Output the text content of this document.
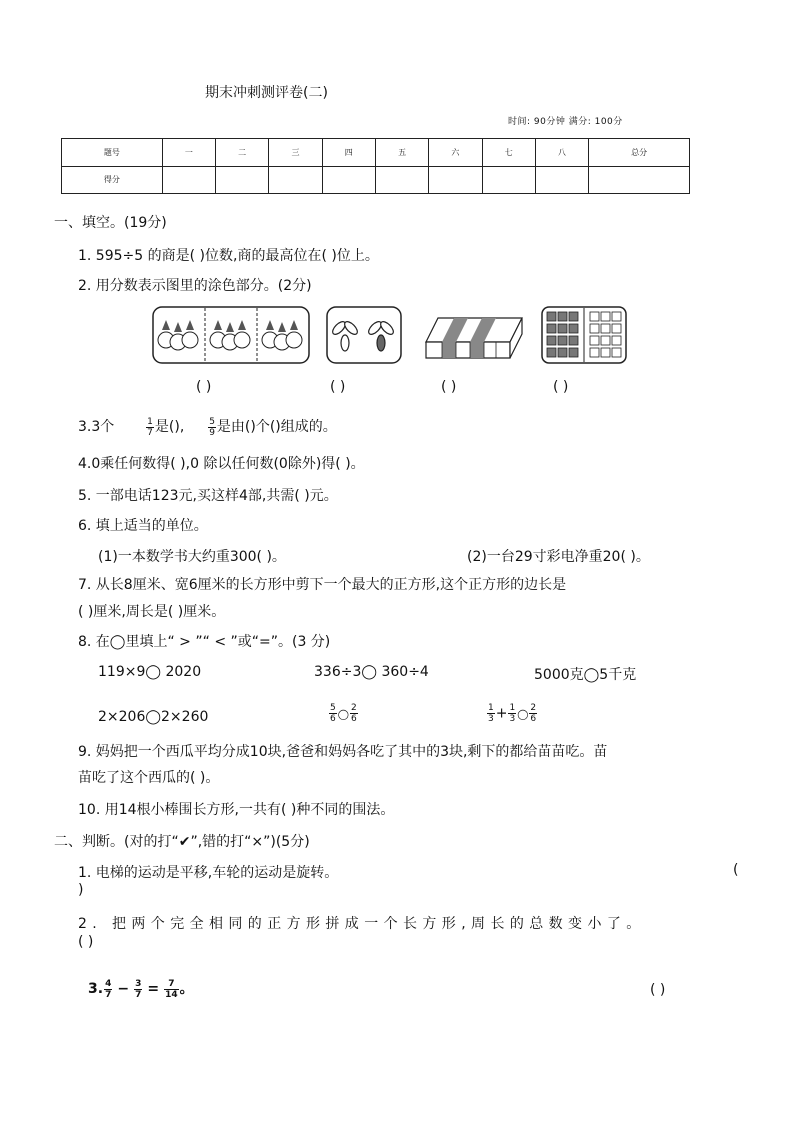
期末冲刺测评卷(二)
时间: 90分钟 满分: 100分
题号	一	二	三	四	五	六	七	八	总分
得分									
一、填空。(19分)
1. 595÷5 的商是( )位数,商的最高位在( )位上。
2. 用分数表示图里的涂色部分。(2分)
( )	( )	( )	( )
3.3个	$\frac{1}{7}$ 是(),	$\frac{5}{9}$ 是由()个()组成的。
4.0乘任何数得( ),0 除以任何数(0除外)得( )。
5. 一部电话123元,买这样4部,共需( )元。
6. 填上适当的单位。
(1)一本数学书大约重300( )。	(2)一台29寸彩电净重20( )。
7. 从长8厘米、宽6厘米的长方形中剪下一个最大的正方形,这个正方形的边长是
( )厘米,周长是( )厘米。
8. 在◯里填上“ > ”“ < ”或“=”。(3 分)
119×9◯ 2020	336÷3◯ 360÷4	5000克◯5千克
2×206◯2×260	$\frac{5}{6}$ ◯ $\frac{2}{6}$	$\frac{1}{3} + \frac{1}{3}$ ◯ $\frac{2}{6}$
9. 妈妈把一个西瓜平均分成10块,爸爸和妈妈各吃了其中的3块,剩下的都给苗苗吃。苗
苗吃了这个西瓜的( )。
10. 用14根小棒围长方形,一共有( )种不同的围法。
二、判断。(对的打“✔”,错的打“×”)(5分)
1. 电梯的运动是平移,车轮的运动是旋转。	(
)
2. 把两个完全相同的正方形拼成一个长方形,周长的总数变小了。
( )
3. $\frac{4}{7} - \frac{3}{7} = \frac{7}{14}$ 。	( )
